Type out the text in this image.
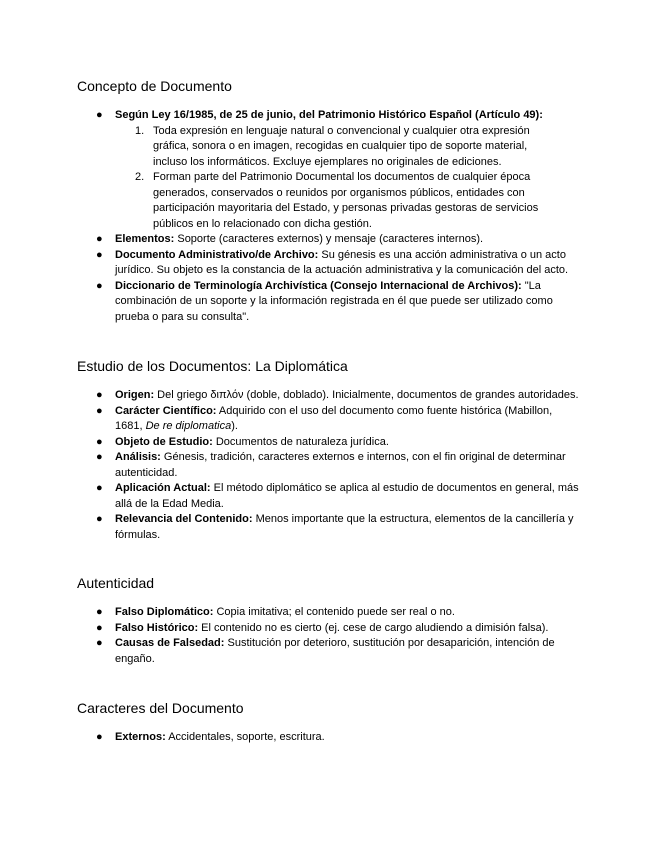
Concepto de Documento
● Según Ley 16/1985, de 25 de junio, del Patrimonio Histórico Español (Artículo 49):
1. Toda expresión en lenguaje natural o convencional y cualquier otra expresión gráfica, sonora o en imagen, recogidas en cualquier tipo de soporte material, incluso los informáticos. Excluye ejemplares no originales de ediciones.
2. Forman parte del Patrimonio Documental los documentos de cualquier época generados, conservados o reunidos por organismos públicos, entidades con participación mayoritaria del Estado, y personas privadas gestoras de servicios públicos en lo relacionado con dicha gestión.
● Elementos: Soporte (caracteres externos) y mensaje (caracteres internos).
● Documento Administrativo/de Archivo: Su génesis es una acción administrativa o un acto jurídico. Su objeto es la constancia de la actuación administrativa y la comunicación del acto.
● Diccionario de Terminología Archivística (Consejo Internacional de Archivos): "La combinación de un soporte y la información registrada en él que puede ser utilizado como prueba o para su consulta".
Estudio de los Documentos: La Diplomática
● Origen: Del griego διπλόν (doble, doblado). Inicialmente, documentos de grandes autoridades.
● Carácter Científico: Adquirido con el uso del documento como fuente histórica (Mabillon, 1681, De re diplomatica).
● Objeto de Estudio: Documentos de naturaleza jurídica.
● Análisis: Génesis, tradición, caracteres externos e internos, con el fin original de determinar autenticidad.
● Aplicación Actual: El método diplomático se aplica al estudio de documentos en general, más allá de la Edad Media.
● Relevancia del Contenido: Menos importante que la estructura, elementos de la cancillería y fórmulas.
Autenticidad
● Falso Diplomático: Copia imitativa; el contenido puede ser real o no.
● Falso Histórico: El contenido no es cierto (ej. cese de cargo aludiendo a dimisión falsa).
● Causas de Falsedad: Sustitución por deterioro, sustitución por desaparición, intención de engaño.
Caracteres del Documento
● Externos: Accidentales, soporte, escritura.
